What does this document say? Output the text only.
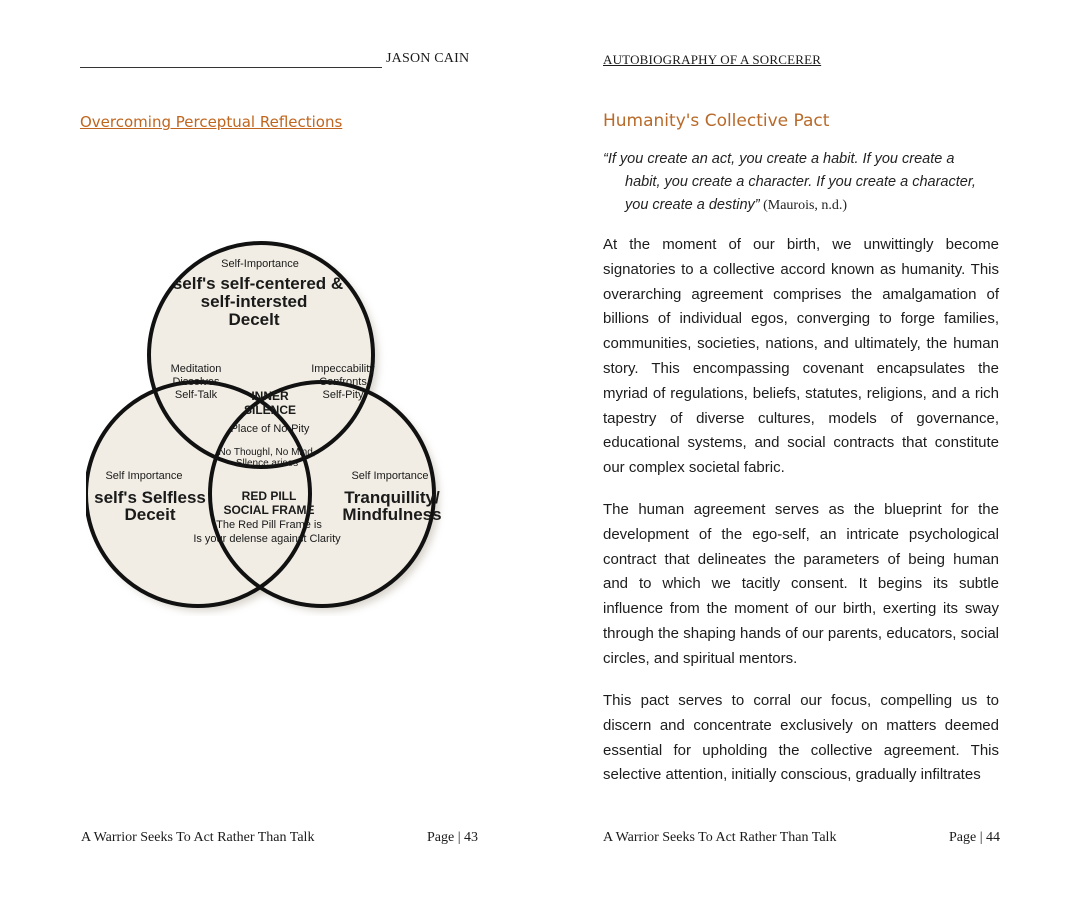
JASON CAIN
Overcoming Perceptual Reflections
Self-Importance
self's self-centered &
self-intersted
Decelt
Meditation
Dissolves
Self-Talk
Impeccability
Confronts
Self-Pity
INNER
SILENCE
Place of No-Pity
No Thoughl, No Mind,
Sllence arises
Self Importance
self's Selfless
Deceit
Self Importance
Tranquillity/
Mindfulness
RED PILL
SOCIAL FRAME
The Red Pill Frame is
Is your delense against Clarity
A Warrior Seeks To Act Rather Than Talk	Page | 43
AUTOBIOGRAPHY OF A SORCERER
Humanity's Collective Pact
“If you create an act, you create a habit. If you create a
habit, you create a character. If you create a character,
you create a destiny” (Maurois, n.d.)
At the moment of our birth, we unwittingly become signatories to a collective accord known as humanity. This overarching agreement comprises the amalgamation of billions of individual egos, converging to forge families, communities, societies, nations, and ultimately, the human story. This encompassing covenant encapsulates the myriad of regulations, beliefs, statutes, religions, and a rich tapestry of diverse cultures, models of governance, educational systems, and social contracts that constitute our complex societal fabric.
The human agreement serves as the blueprint for the development of the ego-self, an intricate psychological contract that delineates the parameters of being human and to which we tacitly consent. It begins its subtle influence from the moment of our birth, exerting its sway through the shaping hands of our parents, educators, social circles, and spiritual mentors.
This pact serves to corral our focus, compelling us to discern and concentrate exclusively on matters deemed essential for upholding the collective agreement. This selective attention, initially conscious, gradually infiltrates
A Warrior Seeks To Act Rather Than Talk	Page | 44
